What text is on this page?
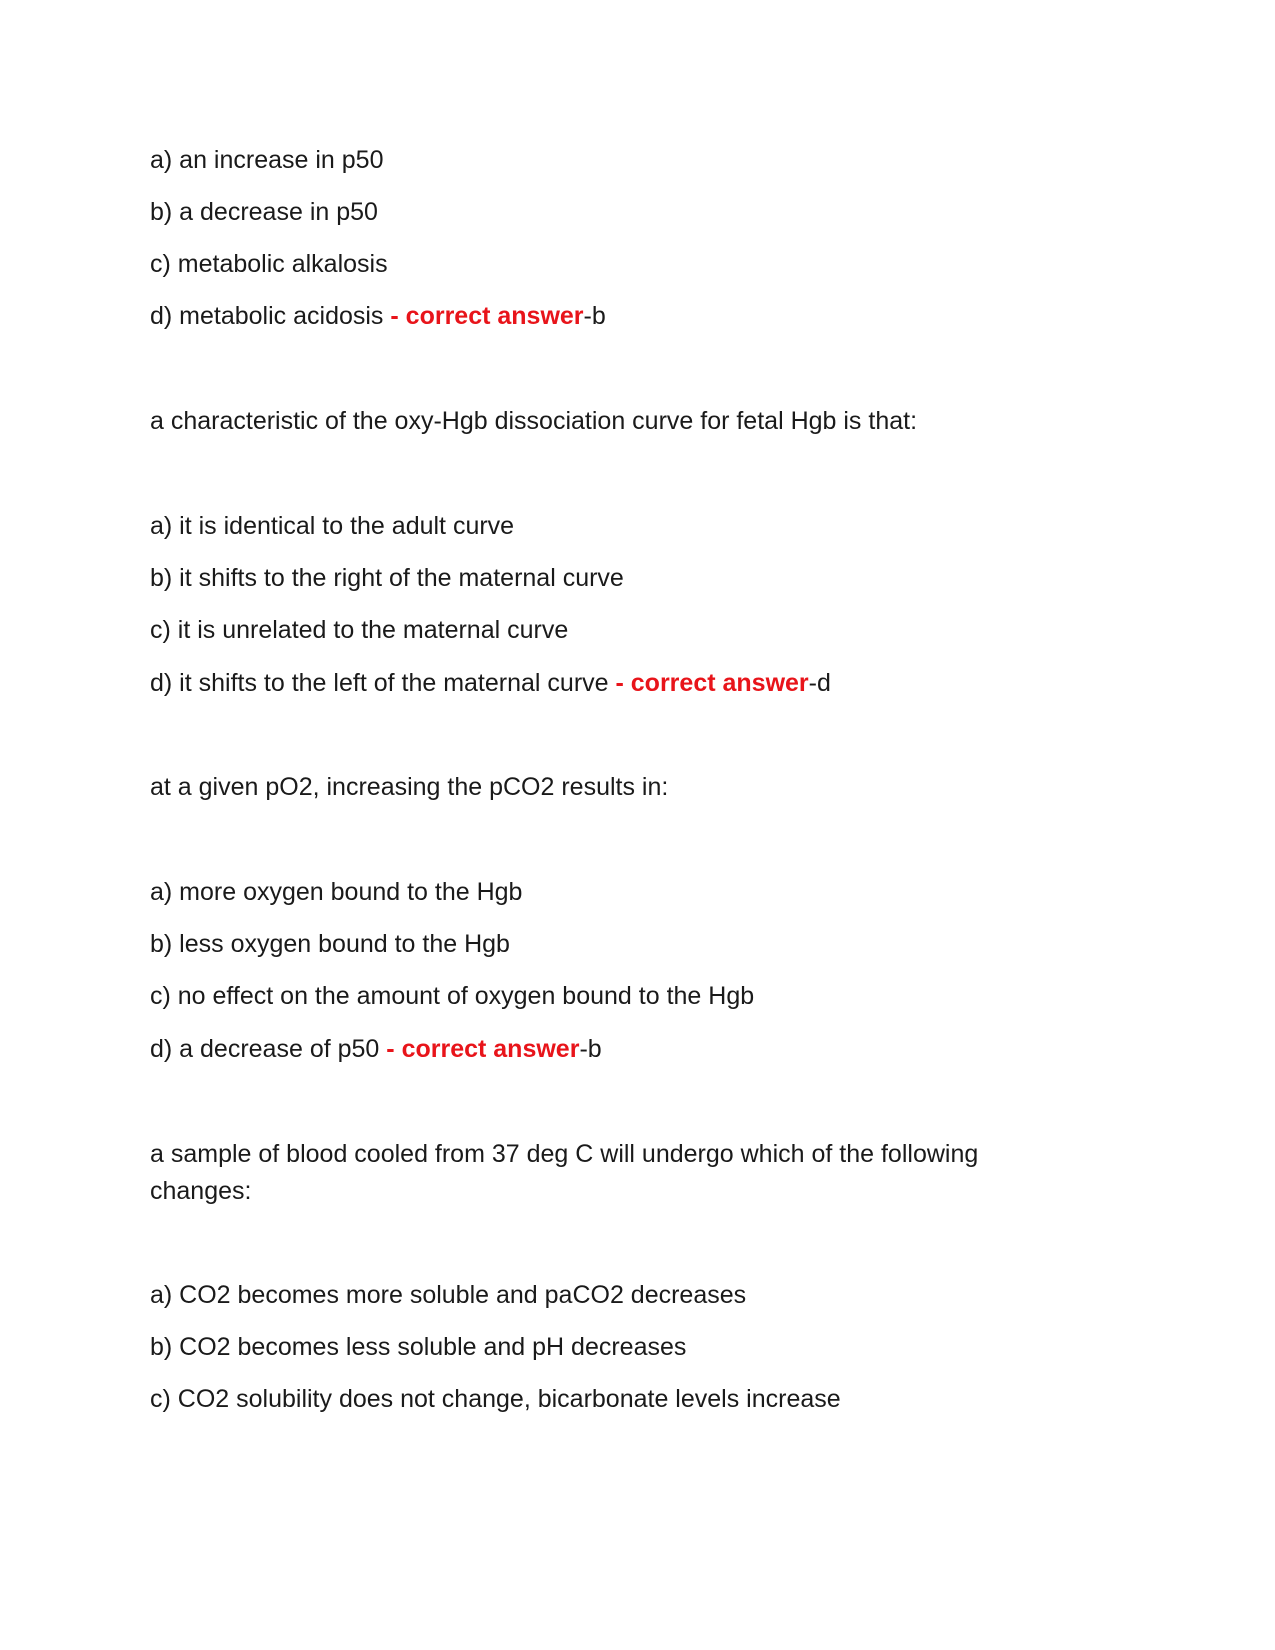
a) an increase in p50
b) a decrease in p50
c) metabolic alkalosis
d) metabolic acidosis - correct answer-b
a characteristic of the oxy-Hgb dissociation curve for fetal Hgb is that:
a) it is identical to the adult curve
b) it shifts to the right of the maternal curve
c) it is unrelated to the maternal curve
d) it shifts to the left of the maternal curve - correct answer-d
at a given pO2, increasing the pCO2 results in:
a) more oxygen bound to the Hgb
b) less oxygen bound to the Hgb
c) no effect on the amount of oxygen bound to the Hgb
d) a decrease of p50 - correct answer-b
a sample of blood cooled from 37 deg C will undergo which of the following changes:
a) CO2 becomes more soluble and paCO2 decreases
b) CO2 becomes less soluble and pH decreases
c) CO2 solubility does not change, bicarbonate levels increase
